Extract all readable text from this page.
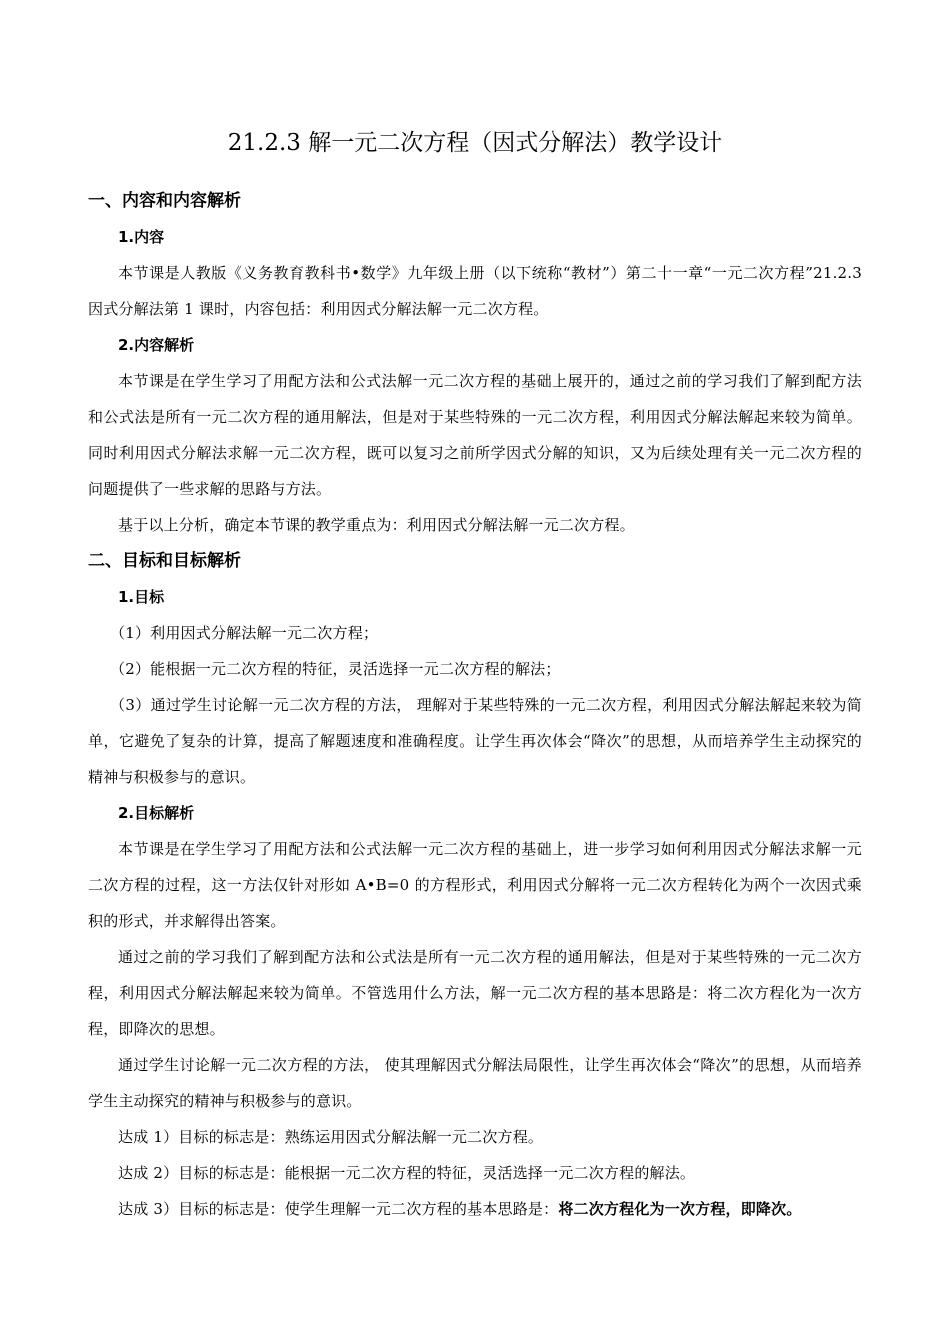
21.2.3 解一元二次方程（因式分解法）教学设计
一、内容和内容解析
1.内容

本节课是人教版《义务教育教科书•数学》九年级上册（以下统称“教材”）第二十一章“一元二次方程”21.2.3 因式分解法第 1 课时，内容包括：利用因式分解法解一元二次方程。

2.内容解析

本节课是在学生学习了用配方法和公式法解一元二次方程的基础上展开的，通过之前的学习我们了解到配方法和公式法是所有一元二次方程的通用解法，但是对于某些特殊的一元二次方程，利用因式分解法解起来较为简单。同时利用因式分解法求解一元二次方程，既可以复习之前所学因式分解的知识，又为后续处理有关一元二次方程的问题提供了一些求解的思路与方法。

基于以上分析，确定本节课的教学重点为：利用因式分解法解一元二次方程。

二、目标和目标解析
1.目标

（1）利用因式分解法解一元二次方程；

（2）能根据一元二次方程的特征，灵活选择一元二次方程的解法；

（3）通过学生讨论解一元二次方程的方法， 理解对于某些特殊的一元二次方程，利用因式分解法解起来较为简单，它避免了复杂的计算，提高了解题速度和准确程度。让学生再次体会“降次”的思想，从而培养学生主动探究的精神与积极参与的意识。

2.目标解析

本节课是在学生学习了用配方法和公式法解一元二次方程的基础上，进一步学习如何利用因式分解法求解一元二次方程的过程，这一方法仅针对形如 A•B=0 的方程形式，利用因式分解将一元二次方程转化为两个一次因式乘积的形式，并求解得出答案。

通过之前的学习我们了解到配方法和公式法是所有一元二次方程的通用解法，但是对于某些特殊的一元二次方程，利用因式分解法解起来较为简单。不管选用什么方法，解一元二次方程的基本思路是：将二次方程化为一次方程，即降次的思想。

通过学生讨论解一元二次方程的方法， 使其理解因式分解法局限性，让学生再次体会“降次”的思想，从而培养学生主动探究的精神与积极参与的意识。

达成 1）目标的标志是：熟练运用因式分解法解一元二次方程。

达成 2）目标的标志是：能根据一元二次方程的特征，灵活选择一元二次方程的解法。

达成 3）目标的标志是：使学生理解一元二次方程的基本思路是：将二次方程化为一次方程，即降次。
